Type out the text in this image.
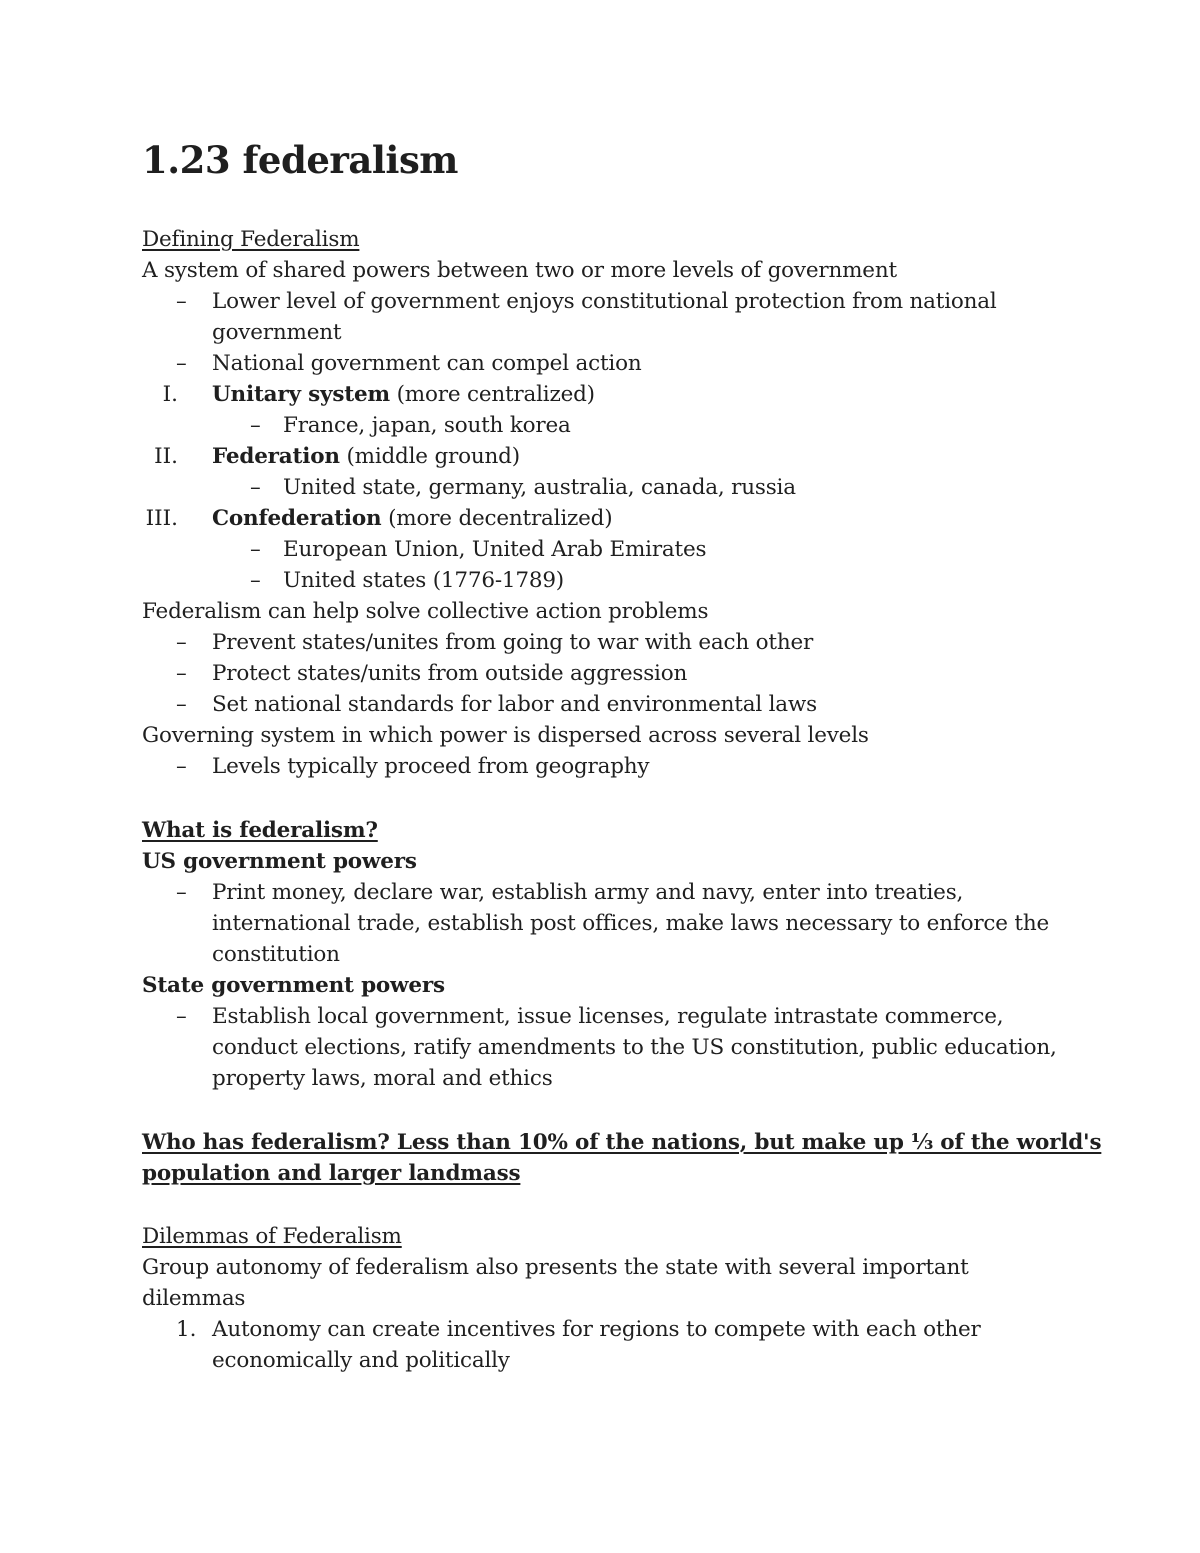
1.23 federalism
Defining Federalism
A system of shared powers between two or more levels of government
– Lower level of government enjoys constitutional protection from national
government
– National government can compel action
I. Unitary system (more centralized)
– France, japan, south korea
II. Federation (middle ground)
– United state, germany, australia, canada, russia
III. Confederation (more decentralized)
– European Union, United Arab Emirates
– United states (1776-1789)
Federalism can help solve collective action problems
– Prevent states/unites from going to war with each other
– Protect states/units from outside aggression
– Set national standards for labor and environmental laws
Governing system in which power is dispersed across several levels
– Levels typically proceed from geography
What is federalism?
US government powers
– Print money, declare war, establish army and navy, enter into treaties,
international trade, establish post offices, make laws necessary to enforce the
constitution
State government powers
– Establish local government, issue licenses, regulate intrastate commerce,
conduct elections, ratify amendments to the US constitution, public education,
property laws, moral and ethics
Who has federalism? Less than 10% of the nations, but make up ⅓ of the world's
population and larger landmass
Dilemmas of Federalism
Group autonomy of federalism also presents the state with several important
dilemmas
1. Autonomy can create incentives for regions to compete with each other
economically and politically
